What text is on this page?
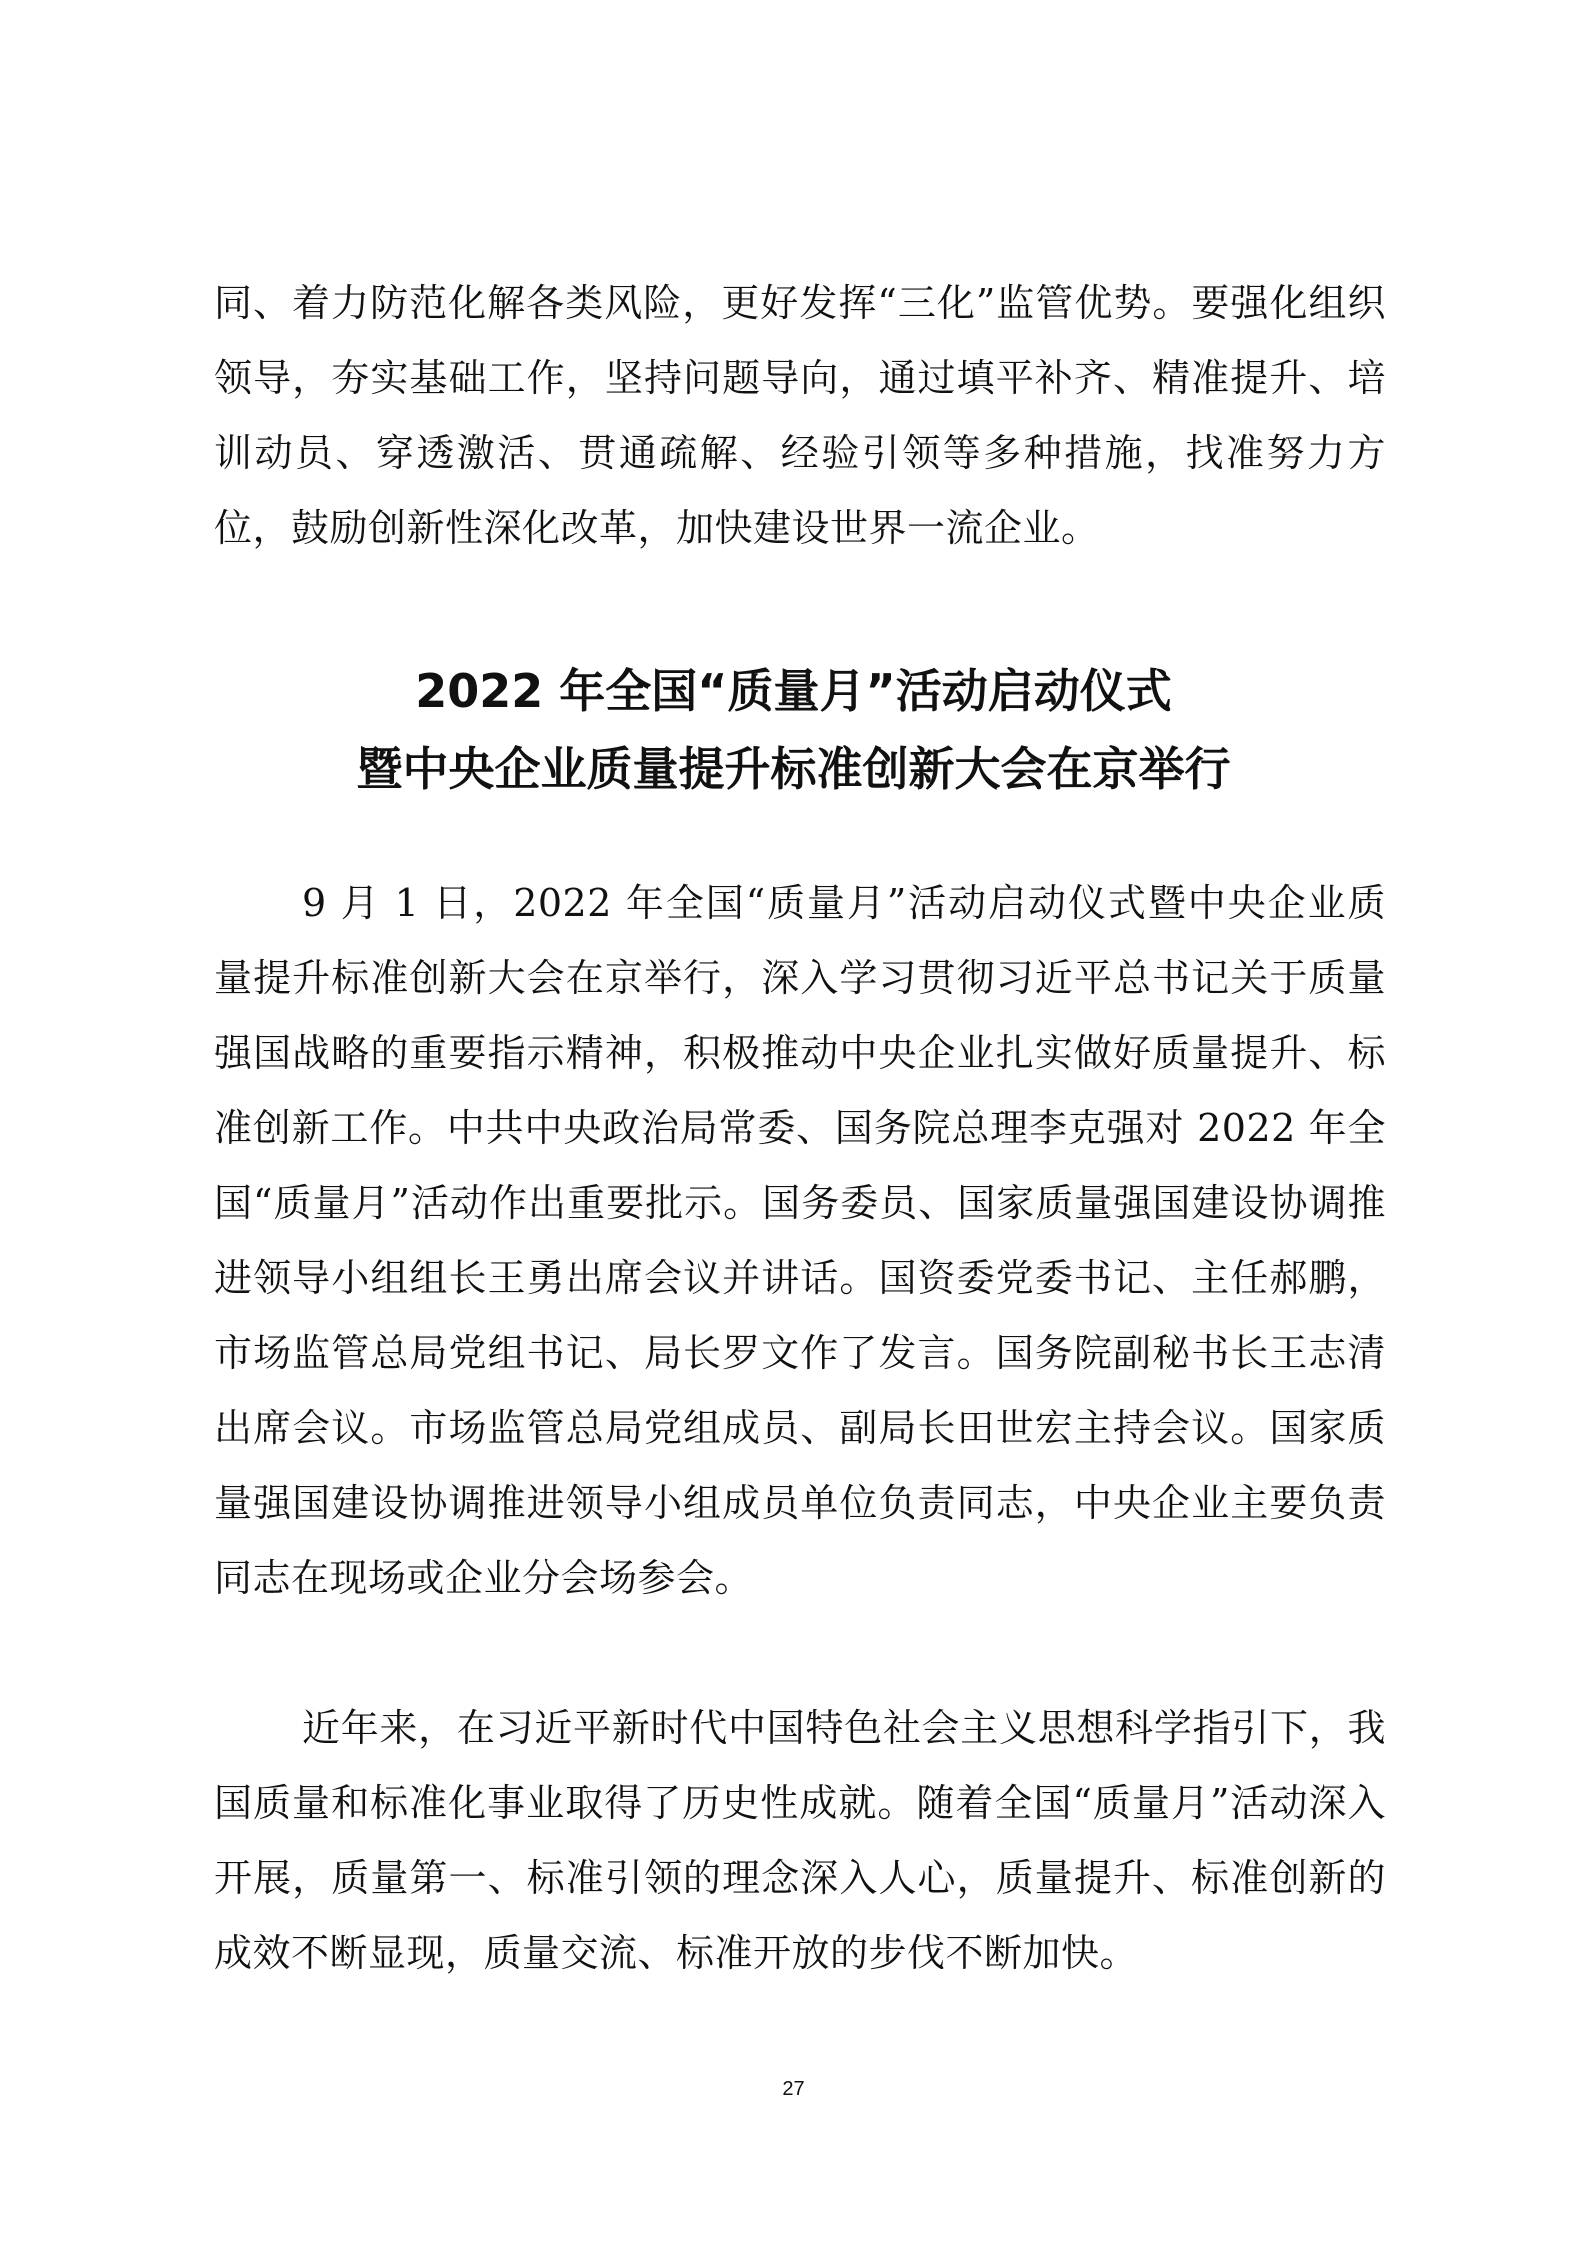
同、着力防范化解各类风险，更好发挥“三化”监管优势。要强化组织领导，夯实基础工作，坚持问题导向，通过填平补齐、精准提升、培训动员、穿透激活、贯通疏解、经验引领等多种措施，找准努力方位，鼓励创新性深化改革，加快建设世界一流企业。

2022 年全国“质量月”活动启动仪式
暨中央企业质量提升标准创新大会在京举行

9 月 1 日，2022 年全国“质量月”活动启动仪式暨中央企业质量提升标准创新大会在京举行，深入学习贯彻习近平总书记关于质量强国战略的重要指示精神，积极推动中央企业扎实做好质量提升、标准创新工作。中共中央政治局常委、国务院总理李克强对 2022 年全国“质量月”活动作出重要批示。国务委员、国家质量强国建设协调推进领导小组组长王勇出席会议并讲话。国资委党委书记、主任郝鹏，市场监管总局党组书记、局长罗文作了发言。国务院副秘书长王志清出席会议。市场监管总局党组成员、副局长田世宏主持会议。国家质量强国建设协调推进领导小组成员单位负责同志，中央企业主要负责同志在现场或企业分会场参会。

近年来，在习近平新时代中国特色社会主义思想科学指引下，我国质量和标准化事业取得了历史性成就。随着全国“质量月”活动深入开展，质量第一、标准引领的理念深入人心，质量提升、标准创新的成效不断显现，质量交流、标准开放的步伐不断加快。

27
